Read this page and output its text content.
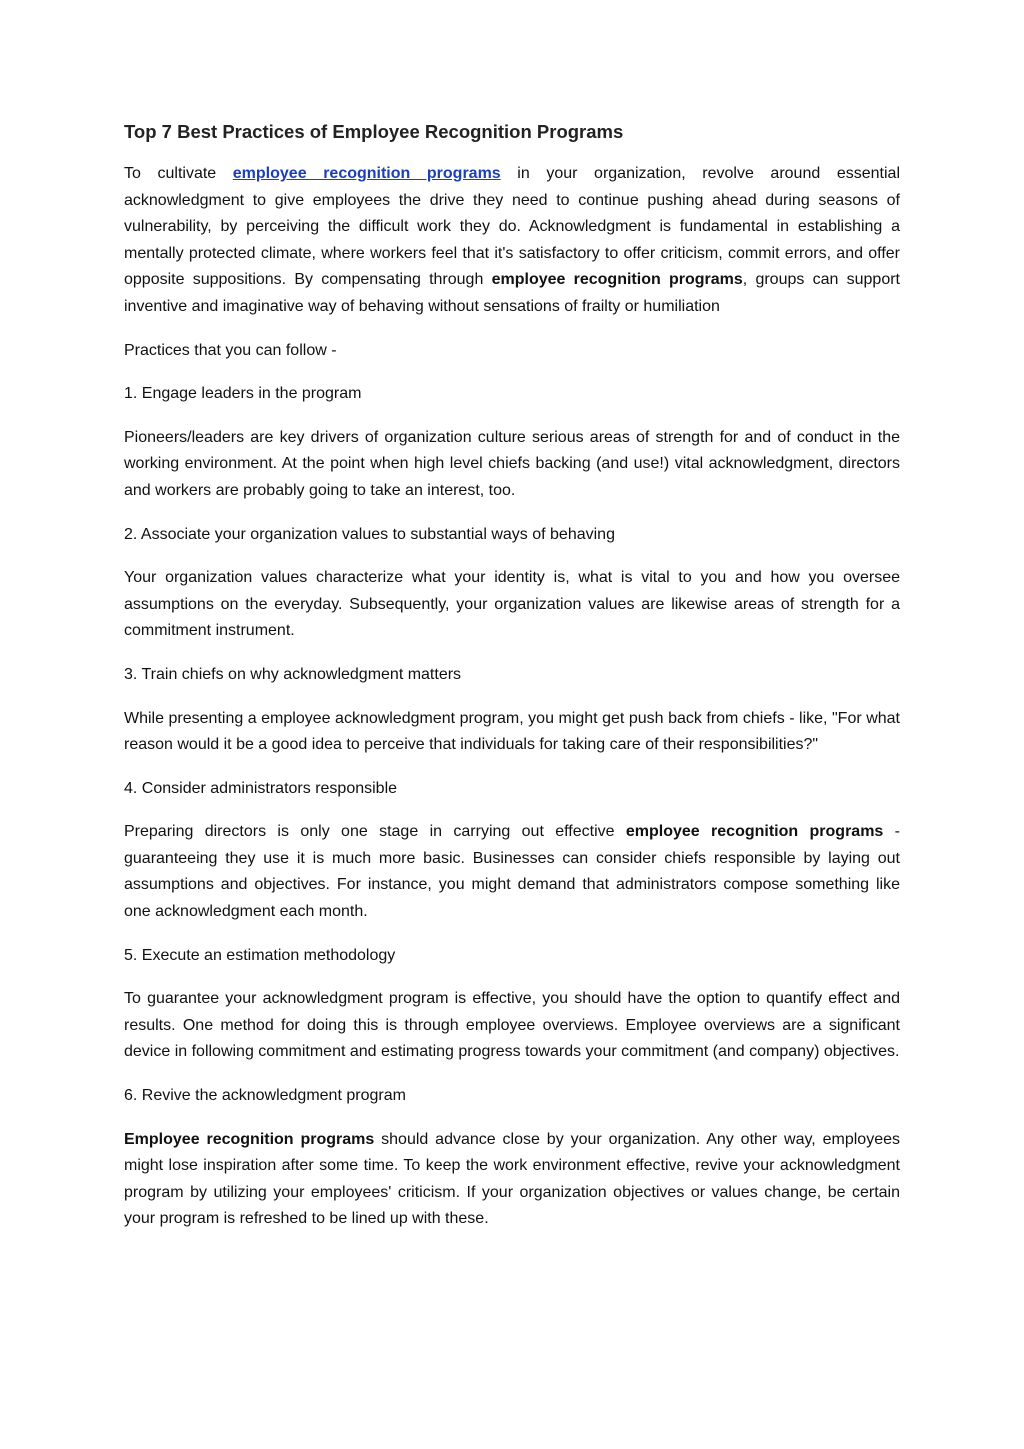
Top 7 Best Practices of Employee Recognition Programs

To cultivate employee recognition programs in your organization, revolve around essential acknowledgment to give employees the drive they need to continue pushing ahead during seasons of vulnerability, by perceiving the difficult work they do. Acknowledgment is fundamental in establishing a mentally protected climate, where workers feel that it's satisfactory to offer criticism, commit errors, and offer opposite suppositions. By compensating through employee recognition programs, groups can support inventive and imaginative way of behaving without sensations of frailty or humiliation

Practices that you can follow -

1. Engage leaders in the program

Pioneers/leaders are key drivers of organization culture serious areas of strength for and of conduct in the working environment. At the point when high level chiefs backing (and use!) vital acknowledgment, directors and workers are probably going to take an interest, too.

2. Associate your organization values to substantial ways of behaving

Your organization values characterize what your identity is, what is vital to you and how you oversee assumptions on the everyday. Subsequently, your organization values are likewise areas of strength for a commitment instrument.

3. Train chiefs on why acknowledgment matters

While presenting a employee acknowledgment program, you might get push back from chiefs - like, "For what reason would it be a good idea to perceive that individuals for taking care of their responsibilities?"

4. Consider administrators responsible

Preparing directors is only one stage in carrying out effective employee recognition programs - guaranteeing they use it is much more basic. Businesses can consider chiefs responsible by laying out assumptions and objectives. For instance, you might demand that administrators compose something like one acknowledgment each month.

5. Execute an estimation methodology

To guarantee your acknowledgment program is effective, you should have the option to quantify effect and results. One method for doing this is through employee overviews. Employee overviews are a significant device in following commitment and estimating progress towards your commitment (and company) objectives.

6. Revive the acknowledgment program

Employee recognition programs should advance close by your organization. Any other way, employees might lose inspiration after some time. To keep the work environment effective, revive your acknowledgment program by utilizing your employees' criticism. If your organization objectives or values change, be certain your program is refreshed to be lined up with these.
